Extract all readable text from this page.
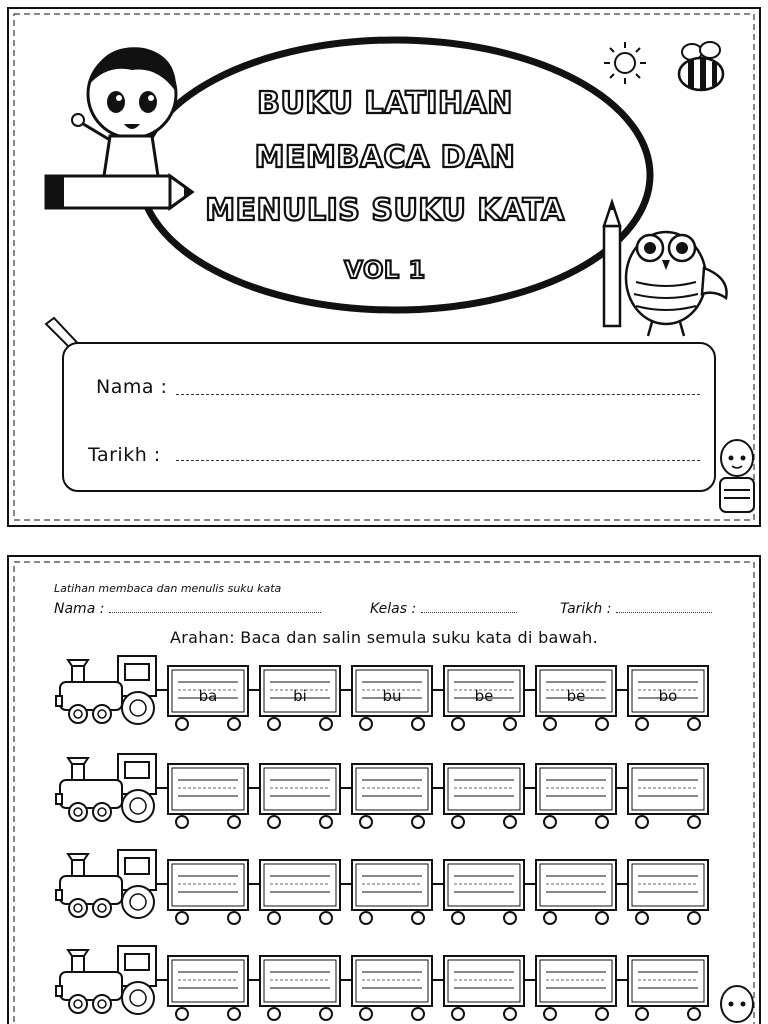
BUKU LATIHAN
MEMBACA DAN
MENULIS SUKU KATA
VOL 1
Nama :
Tarikh :
Latihan membaca dan menulis suku kata
Nama :	Kelas :	Tarikh :
Arahan: Baca dan salin semula suku kata di bawah.
ba	bi	bu	be	be	bo
